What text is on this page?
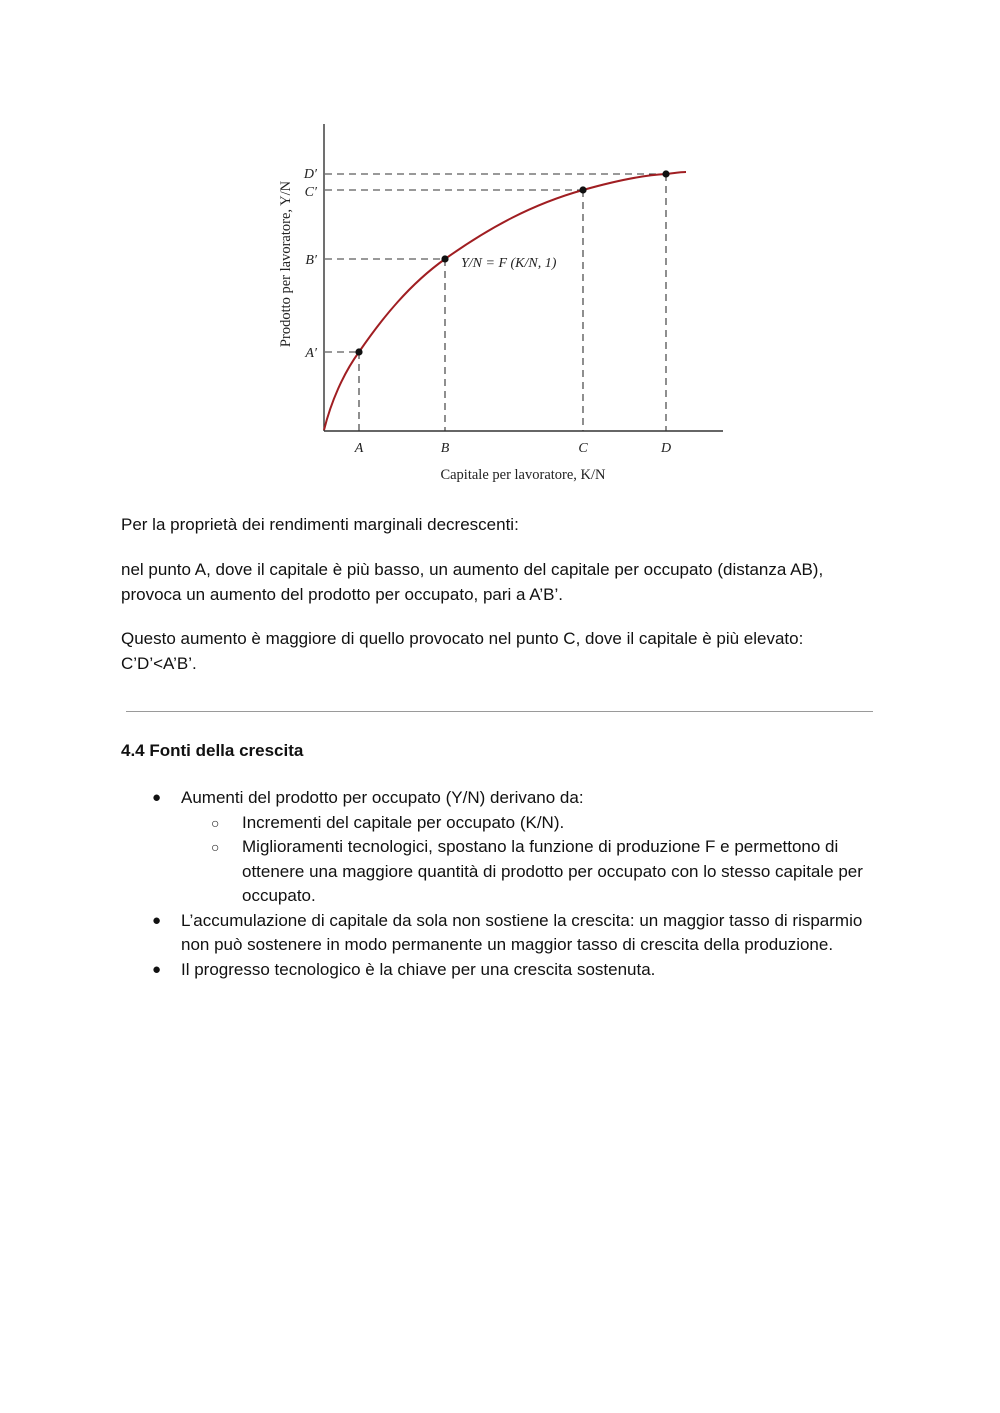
A′
B′
C′
D′
A	B	C	D
Y/N = F (K/N, 1)
Capitale per lavoratore, K/N
Prodotto per lavoratore, Y/N

Per la proprietà dei rendimenti marginali decrescenti:

nel punto A, dove il capitale è più basso, un aumento del capitale per occupato (distanza AB), provoca un aumento del prodotto per occupato, pari a A’B’.

Questo aumento è maggiore di quello provocato nel punto C, dove il capitale è più elevato: C’D’<A’B’.

4.4 Fonti della crescita
● Aumenti del prodotto per occupato (Y/N) derivano da:
○ Incrementi del capitale per occupato (K/N).
○ Miglioramenti tecnologici, spostano la funzione di produzione F e permettono di ottenere una maggiore quantità di prodotto per occupato con lo stesso capitale per occupato.
● L’accumulazione di capitale da sola non sostiene la crescita: un maggior tasso di risparmio non può sostenere in modo permanente un maggior tasso di crescita della produzione.
● Il progresso tecnologico è la chiave per una crescita sostenuta.
